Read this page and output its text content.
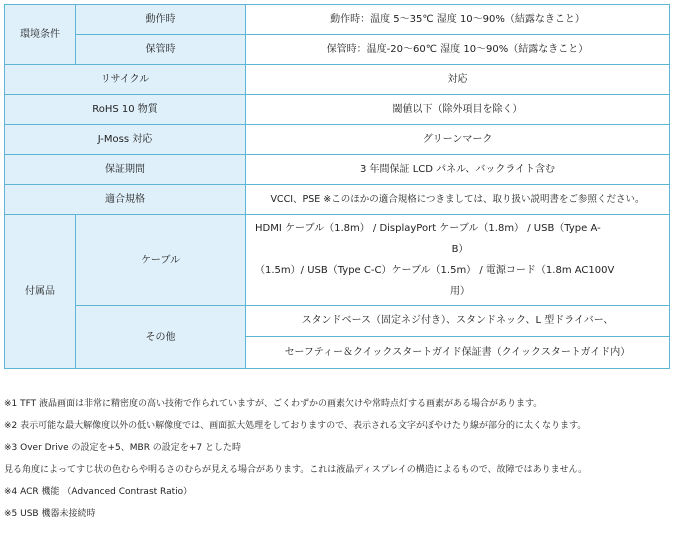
環境条件	動作時	動作時：温度 5～35℃ 湿度 10～90%（結露なきこと）
	保管時	保管時：温度-20～60℃ 湿度 10～90%（結露なきこと）
リサイクル		対応
RoHS 10 物質		閾値以下（除外項目を除く）
J-Moss 対応		グリーンマーク
保証期間		3 年間保証 LCD パネル、バックライト含む
適合規格		VCCI、PSE ※このほかの適合規格につきましては、取り扱い説明書をご参照ください。
付属品	ケーブル	HDMI ケーブル（1.8m） / DisplayPort ケーブル（1.8m） / USB（Type A-
B）
（1.5m）/ USB（Type C-C）ケーブル（1.5m） / 電源コード（1.8m AC100V
用）

	その他	スタンドベース（固定ネジ付き）、スタンドネック、L 型ドライバー、
セーフティー＆クイックスタートガイド保証書（クイックスタートガイド内）
※1 TFT 液晶画面は非常に精密度の高い技術で作られていますが、ごくわずかの画素欠けや常時点灯する画素がある場合があります。
※2 表示可能な最大解像度以外の低い解像度では、画面拡大処理をしておりますので、表示される文字がぼやけたり線が部分的に太くなります。
※3 Over Drive の設定を+5、MBR の設定を+7 とした時
見る角度によってすじ状の色むらや明るさのむらが見える場合があります。これは液晶ディスプレイの構造によるもので、故障ではありません。
※4 ACR 機能 （Advanced Contrast Ratio）
※5 USB 機器未接続時
